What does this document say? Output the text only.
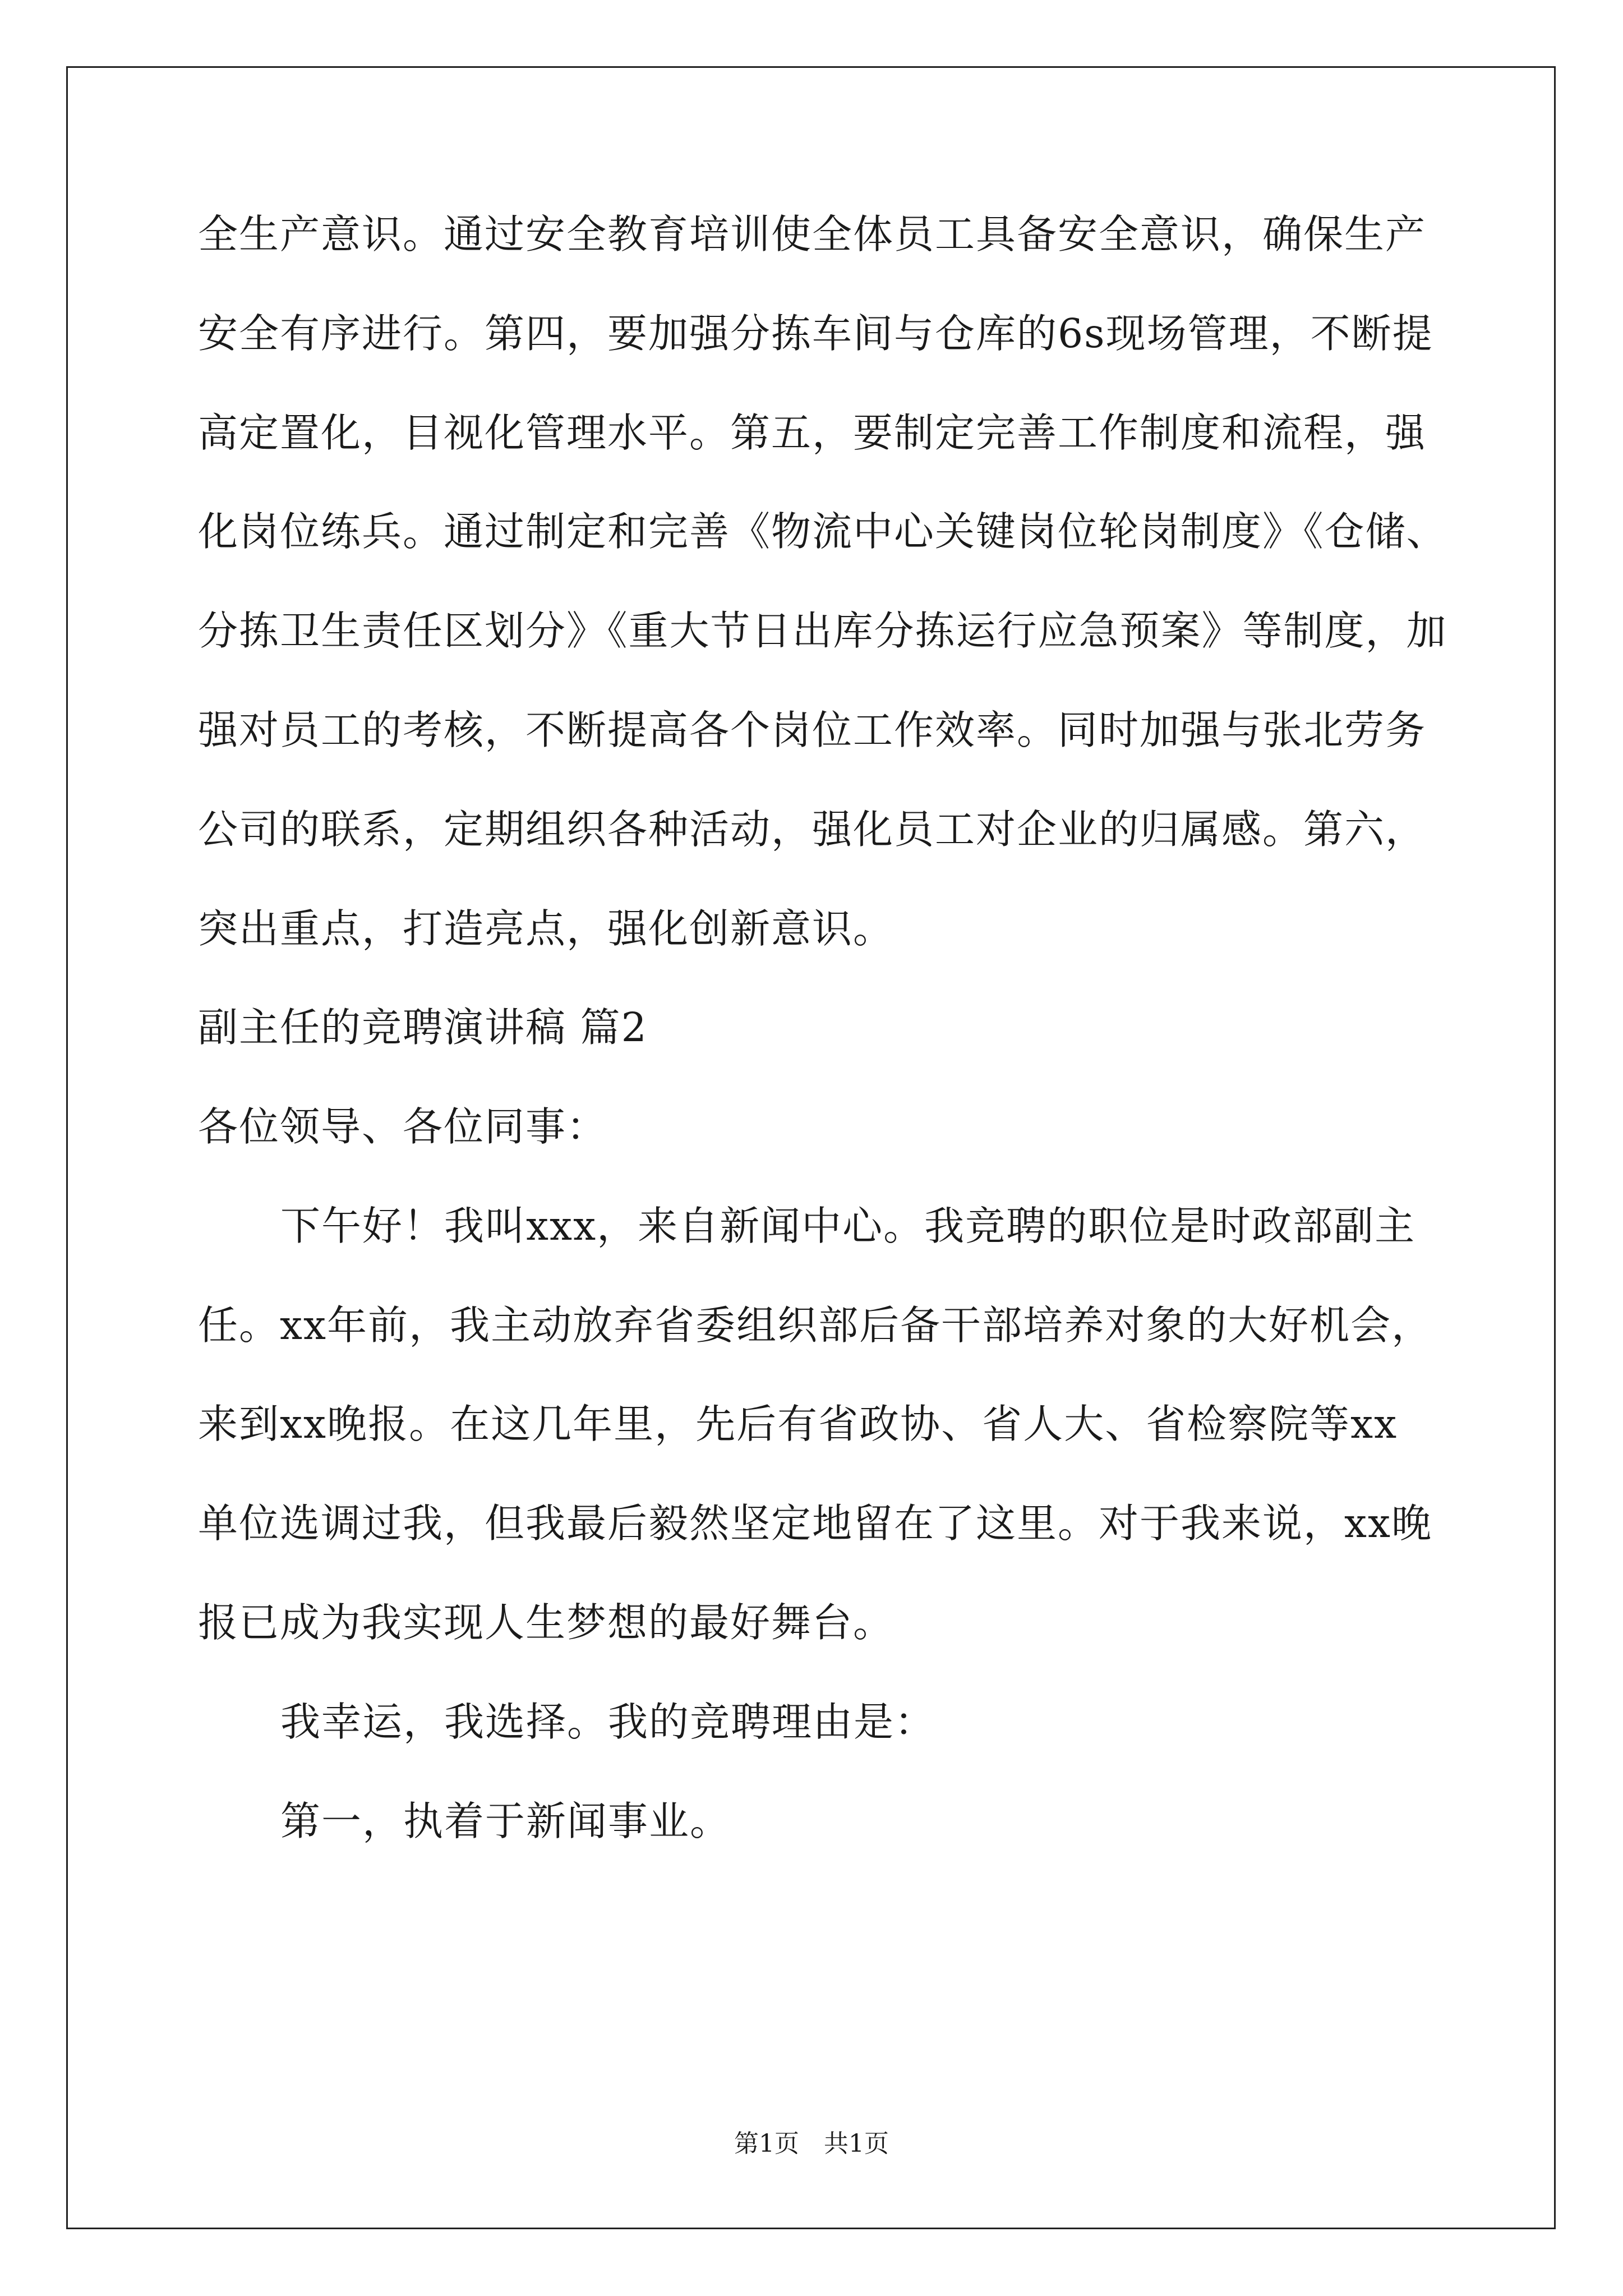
全生产意识。通过安全教育培训使全体员工具备安全意识，确保生产

安全有序进行。第四，要加强分拣车间与仓库的6s现场管理，不断提

高定置化，目视化管理水平。第五，要制定完善工作制度和流程，强

化岗位练兵。通过制定和完善《物流中心关键岗位轮岗制度》《仓储、

分拣卫生责任区划分》《重大节日出库分拣运行应急预案》等制度，加

强对员工的考核，不断提高各个岗位工作效率。同时加强与张北劳务

公司的联系，定期组织各种活动，强化员工对企业的归属感。第六，

突出重点，打造亮点，强化创新意识。

副主任的竞聘演讲稿 篇2

各位领导、各位同事：

下午好！我叫xxx，来自新闻中心。我竞聘的职位是时政部副主

任。xx年前，我主动放弃省委组织部后备干部培养对象的大好机会，

来到xx晚报。在这几年里，先后有省政协、省人大、省检察院等xx

单位选调过我，但我最后毅然坚定地留在了这里。对于我来说，xx晚

报已成为我实现人生梦想的最好舞台。

我幸运，我选择。我的竞聘理由是：

第一，执着于新闻事业。

第1页　共1页
